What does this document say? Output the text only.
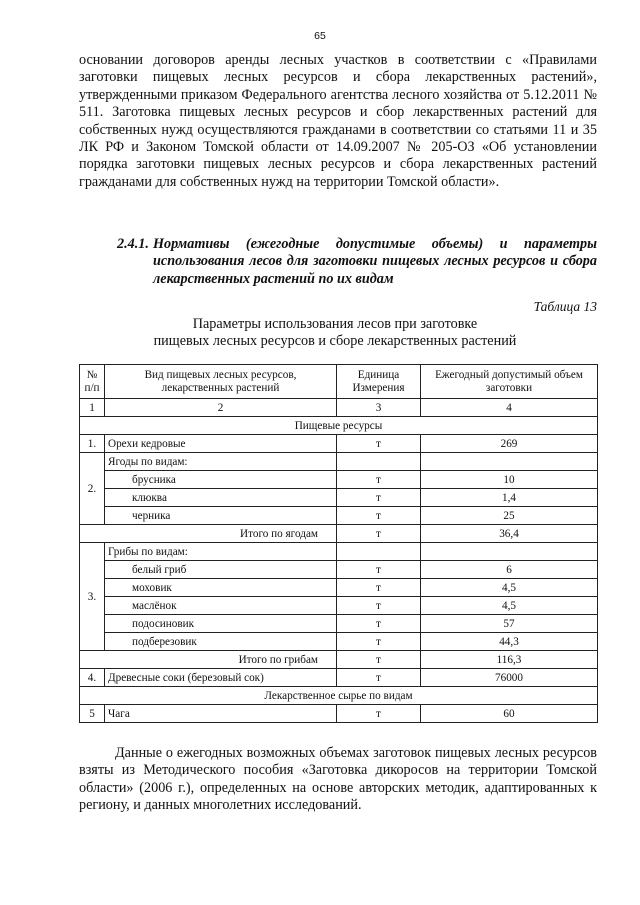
65

основании договоров аренды лесных участков в соответствии с «Правилами заготовки пищевых лесных ресурсов и сбора лекарственных растений», утвержденными приказом Федерального агентства лесного хозяйства от 5.12.2011 № 511. Заготовка пищевых лесных ресурсов и сбор лекарственных растений для собственных нужд осуществляются гражданами в соответствии со статьями 11 и 35 ЛК РФ и Законом Томской области от 14.09.2007 № 205-ОЗ «Об установлении порядка заготовки пищевых лесных ресурсов и сбора лекарственных растений гражданами для собственных нужд на территории Томской области».

2.4.1. Нормативы (ежегодные допустимые объемы) и параметры использования лесов для заготовки пищевых лесных ресурсов и сбора лекарственных растений по их видам
Таблица 13
Параметры использования лесов при заготовке
пищевых лесных ресурсов и сборе лекарственных растений
№ п/п	Вид пищевых лесных ресурсов, лекарственных растений	Единица Измерения	Ежегодный допустимый объем заготовки
1	2	3	4
Пищевые ресурсы			
1.	Орехи кедровые	т	269
2.	Ягоды по видам:		
	брусника	т	10
	клюква	т	1,4
	черника	т	25
Итого по ягодам		т	36,4
3.	Грибы по видам:		
	белый гриб	т	6
	моховик	т	4,5
	маслёнок	т	4,5
	подосиновик	т	57
	подберезовик	т	44,3
Итого по грибам		т	116,3
4.	Древесные соки (березовый сок)	т	76000
Лекарственное сырье по видам			
5	Чага	т	60

Данные о ежегодных возможных объемах заготовок пищевых лесных ресурсов взяты из Методического пособия «Заготовка дикоросов на территории Томской области» (2006 г.), определенных на основе авторских методик, адаптированных к региону, и данных многолетних исследований.
